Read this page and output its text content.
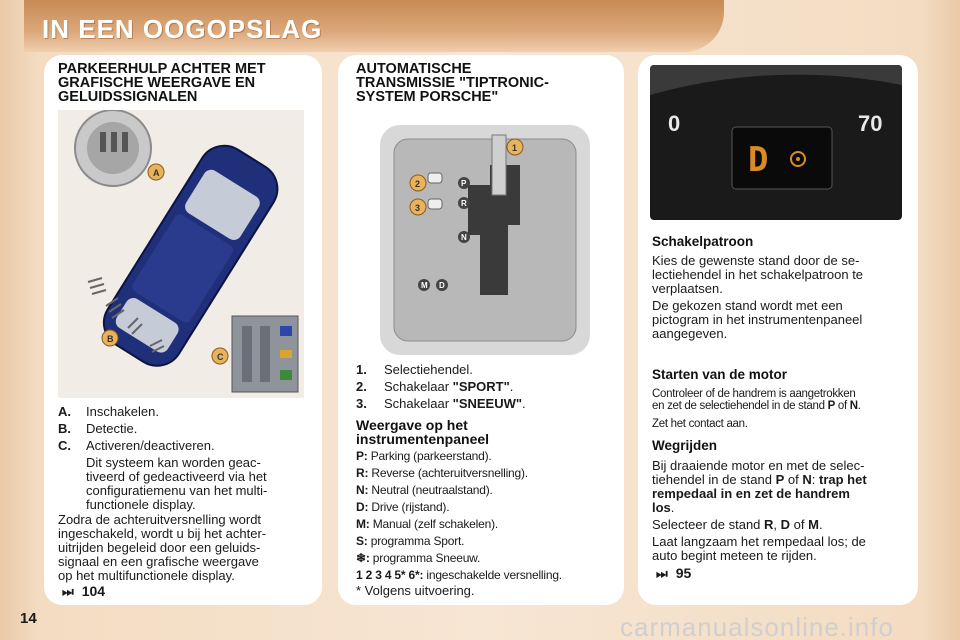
IN EEN OOGOPSLAG
PARKEERHULP ACHTER MET
GRAFISCHE WEERGAVE EN
GELUIDSSIGNALEN
A
B
C
A.	Inschakelen.
B.	Detectie.
C.	Activeren/deactiveren.
Dit systeem kan worden geac-
tiveerd of gedeactiveerd via het
configuratiemenu van het multi-
functionele display.
Zodra de achteruitversnelling wordt
ingeschakeld, wordt u bij het achter-
uitrijden begeleid door een geluids-
signaal en een grafische weergave
op het multifunctionele display.
⏭ 104
AUTOMATISCHE
TRANSMISSIE "TIPTRONIC-
SYSTEM PORSCHE"
1
2
3
P
R
N
D
M
1.	Selectiehendel.
2.	Schakelaar "SPORT".
3.	Schakelaar "SNEEUW".
Weergave op het
instrumentenpaneel
P: Parking (parkeerstand).
R: Reverse (achteruitversnelling).
N: Neutral (neutraalstand).
D: Drive (rijstand).
M: Manual (zelf schakelen).
S: programma Sport.
❄: programma Sneeuw.
1 2 3 4 5* 6*: ingeschakelde versnelling.
* Volgens uitvoering.
0	70
D
Schakelpatroon
Kies de gewenste stand door de se-
lectiehendel in het schakelpatroon te
verplaatsen.
De gekozen stand wordt met een
pictogram in het instrumentenpaneel
aangegeven.
Starten van de motor
Controleer of de handrem is aangetrokken
en zet de selectiehendel in de stand P of N.
Zet het contact aan.
Wegrijden
Bij draaiende motor en met de selec-
tiehendel in de stand P of N: trap het
rempedaal in en zet de handrem
los.
Selecteer de stand R, D of M.
Laat langzaam het rempedaal los; de
auto begint meteen te rijden.
⏭ 95
14	carmanualsonline.info
